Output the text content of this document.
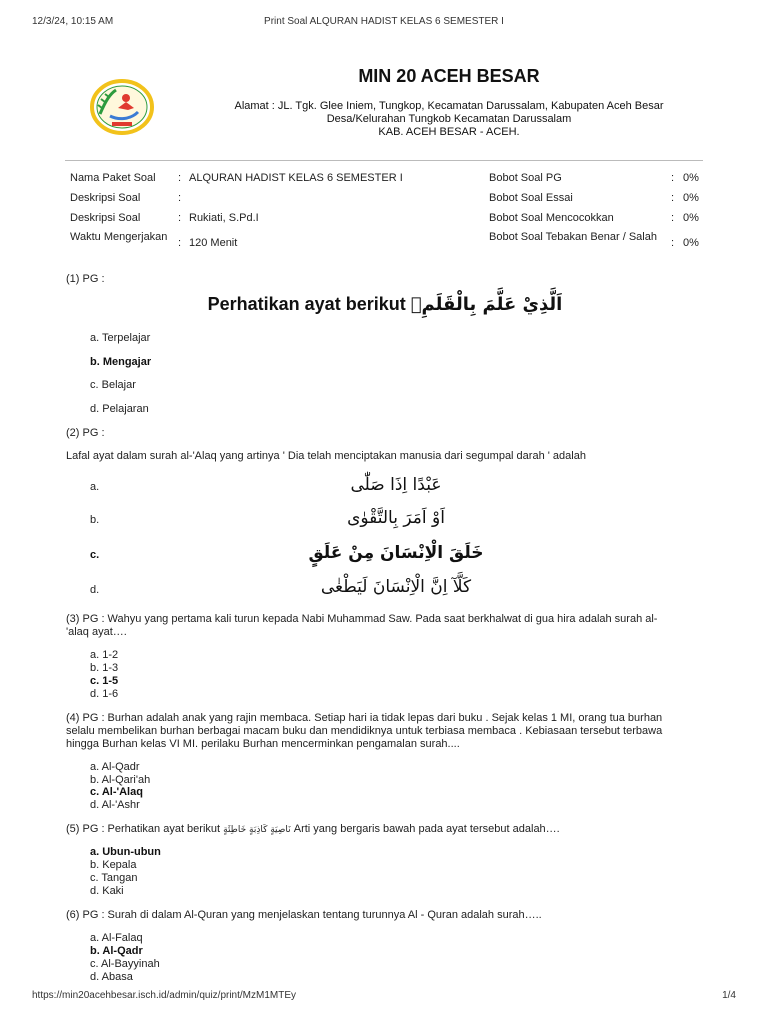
12/3/24, 10:15 AM	Print Soal ALQURAN HADIST KELAS 6 SEMESTER I
MIN 20 ACEH BESAR
Alamat : JL. Tgk. Glee Iniem, Tungkop, Kecamatan Darussalam, Kabupaten Aceh Besar
Desa/Kelurahan Tungkob Kecamatan Darussalam
KAB. ACEH BESAR - ACEH.
Nama Paket Soal	: ALQURAN HADIST KELAS 6 SEMESTER I	Bobot Soal PG	: 0%
Deskripsi Soal	:	Bobot Soal Essai	: 0%
Deskripsi Soal	: Rukiati, S.Pd.I	Bobot Soal Mencocokkan	: 0%
Waktu Mengerjakan : 120 Menit	Bobot Soal Tebakan Benar / Salah	: 0%
(1) PG :
Perhatikan ayat berikut اَلَّذِيْ عَلَّمَ بِالْقَلَمِۙ
a. Terpelajar
b. Mengajar
c. Belajar
d. Pelajaran
(2) PG :
Lafal ayat dalam surah al-'Alaq yang artinya ' Dia telah menciptakan manusia dari segumpal darah ' adalah
a.	عَبْدًا اِذَا صَلّٰى
b.	اَوْ اَمَرَ بِالتَّقْوٰى
c.	خَلَقَ الْاِنْسَانَ مِنْ عَلَقٍ
d.	كَلَّآ اِنَّ الْاِنْسَانَ لَيَطْغٰى
(3) PG : Wahyu yang pertama kali turun kepada Nabi Muhammad Saw. Pada saat berkhalwat di gua hira adalah surah al-
'alaq ayat….
a. 1-2
b. 1-3
c. 1-5
d. 1-6
(4) PG : Burhan adalah anak yang rajin membaca. Setiap hari ia tidak lepas dari buku . Sejak kelas 1 MI, orang tua burhan
selalu membelikan burhan berbagai macam buku dan mendidiknya untuk terbiasa membaca . Kebiasaan tersebut terbawa
hingga Burhan kelas VI MI. perilaku Burhan mencerminkan pengamalan surah....
a. Al-Qadr
b. Al-Qari'ah
c. Al-'Alaq
d. Al-'Ashr
(5) PG : Perhatikan ayat berikut نَاصِيَةٍ كَاذِبَةٍ خَاطِئَةٍ Arti yang bergaris bawah pada ayat tersebut adalah….
a. Ubun-ubun
b. Kepala
c. Tangan
d. Kaki
(6) PG : Surah di dalam Al-Quran yang menjelaskan tentang turunnya Al - Quran adalah surah…..
a. Al-Falaq
b. Al-Qadr
c. Al-Bayyinah
d. Abasa
https://min20acehbesar.isch.id/admin/quiz/print/MzM1MTEy	1/4
